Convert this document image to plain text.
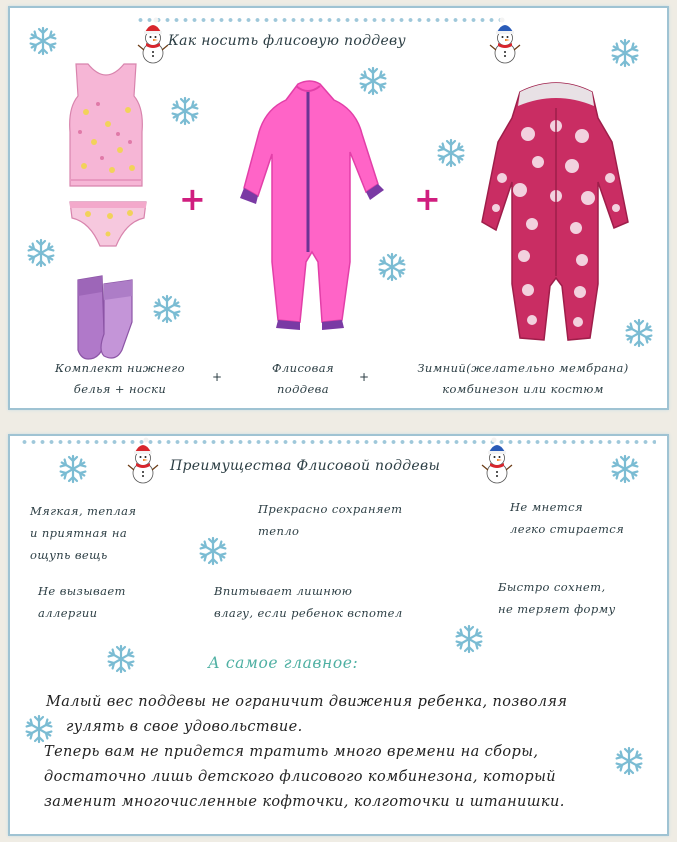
Как носить флисовую поддеву
+	+
Комплект нижнего
белья + носки
+
Флисовая
поддева
+
Зимний(желательно мембрана)
комбинезон или костюм
Преимущества Флисовой поддевы
Мягкая, теплая
и приятная на
ощупь вещь
Прекрасно сохраняет
тепло
Не мнется
легко стирается
Не вызывает
аллергии
Впитывает лишнюю
влагу, если ребенок вспотел
Быстро сохнет,
не теряет форму
А самое главное:
Малый вес поддевы не ограничит движения ребенка, позволяя
гулять в свое удовольствие.
Теперь вам не придется тратить много времени на сборы,
достаточно лишь детского флисового комбинезона, который
заменит многочисленные кофточки, колготочки и штанишки.
